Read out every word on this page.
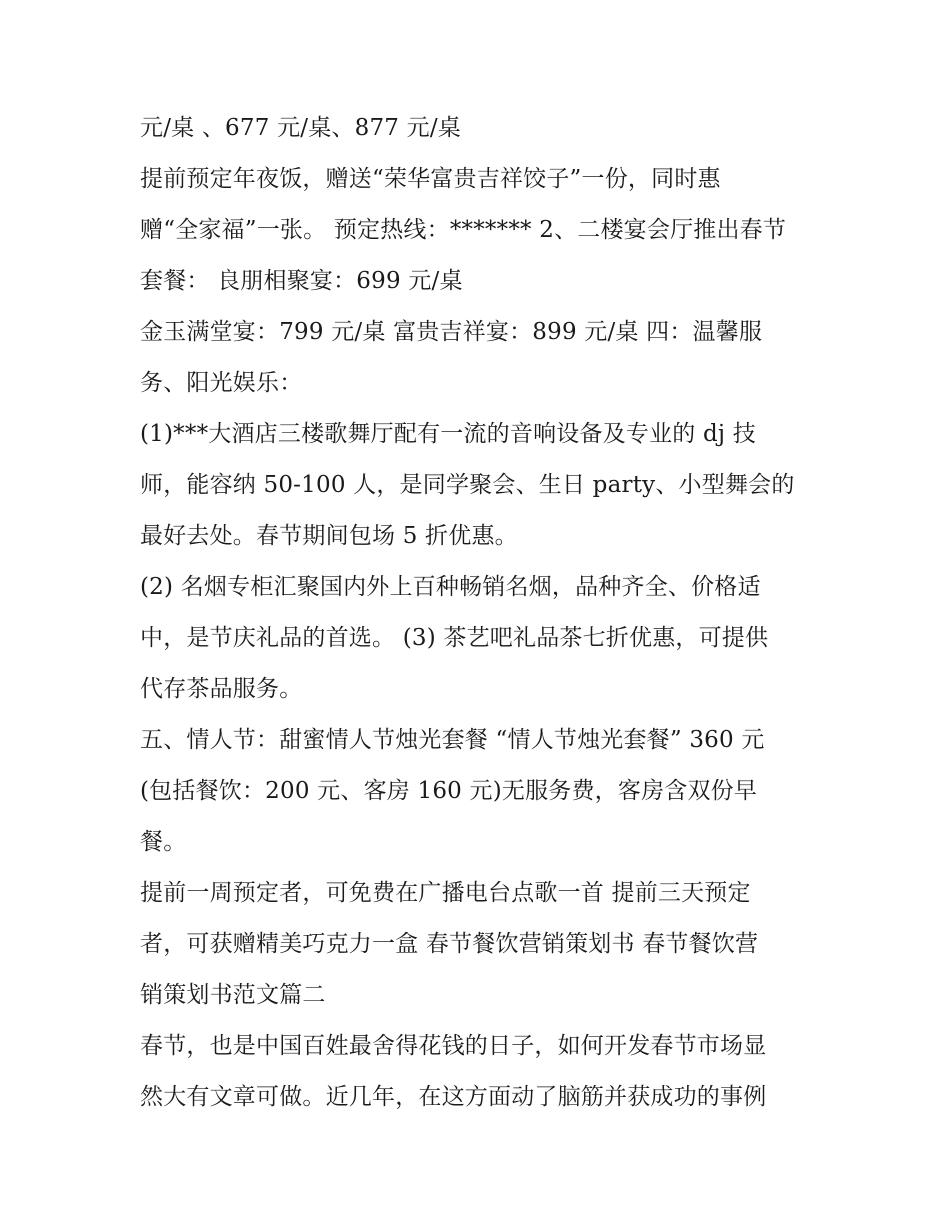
元/桌 、677 元/桌、877 元/桌
提前预定年夜饭，赠送“荣华富贵吉祥饺子”一份，同时惠
赠“全家福”一张。 预定热线：******* 2、二楼宴会厅推出春节
套餐： 良朋相聚宴：699 元/桌
金玉满堂宴：799 元/桌 富贵吉祥宴：899 元/桌 四：温馨服
务、阳光娱乐：
(1)***大酒店三楼歌舞厅配有一流的音响设备及专业的 dj 技
师，能容纳 50-100 人，是同学聚会、生日 party、小型舞会的
最好去处。春节期间包场 5 折优惠。
(2) 名烟专柜汇聚国内外上百种畅销名烟，品种齐全、价格适
中，是节庆礼品的首选。 (3) 茶艺吧礼品茶七折优惠，可提供
代存茶品服务。
五、情人节：甜蜜情人节烛光套餐 “情人节烛光套餐” 360 元
(包括餐饮：200 元、客房 160 元)无服务费，客房含双份早
餐。
提前一周预定者，可免费在广播电台点歌一首 提前三天预定
者，可获赠精美巧克力一盒 春节餐饮营销策划书 春节餐饮营
销策划书范文篇二
春节，也是中国百姓最舍得花钱的日子，如何开发春节市场显
然大有文章可做。近几年，在这方面动了脑筋并获成功的事例
